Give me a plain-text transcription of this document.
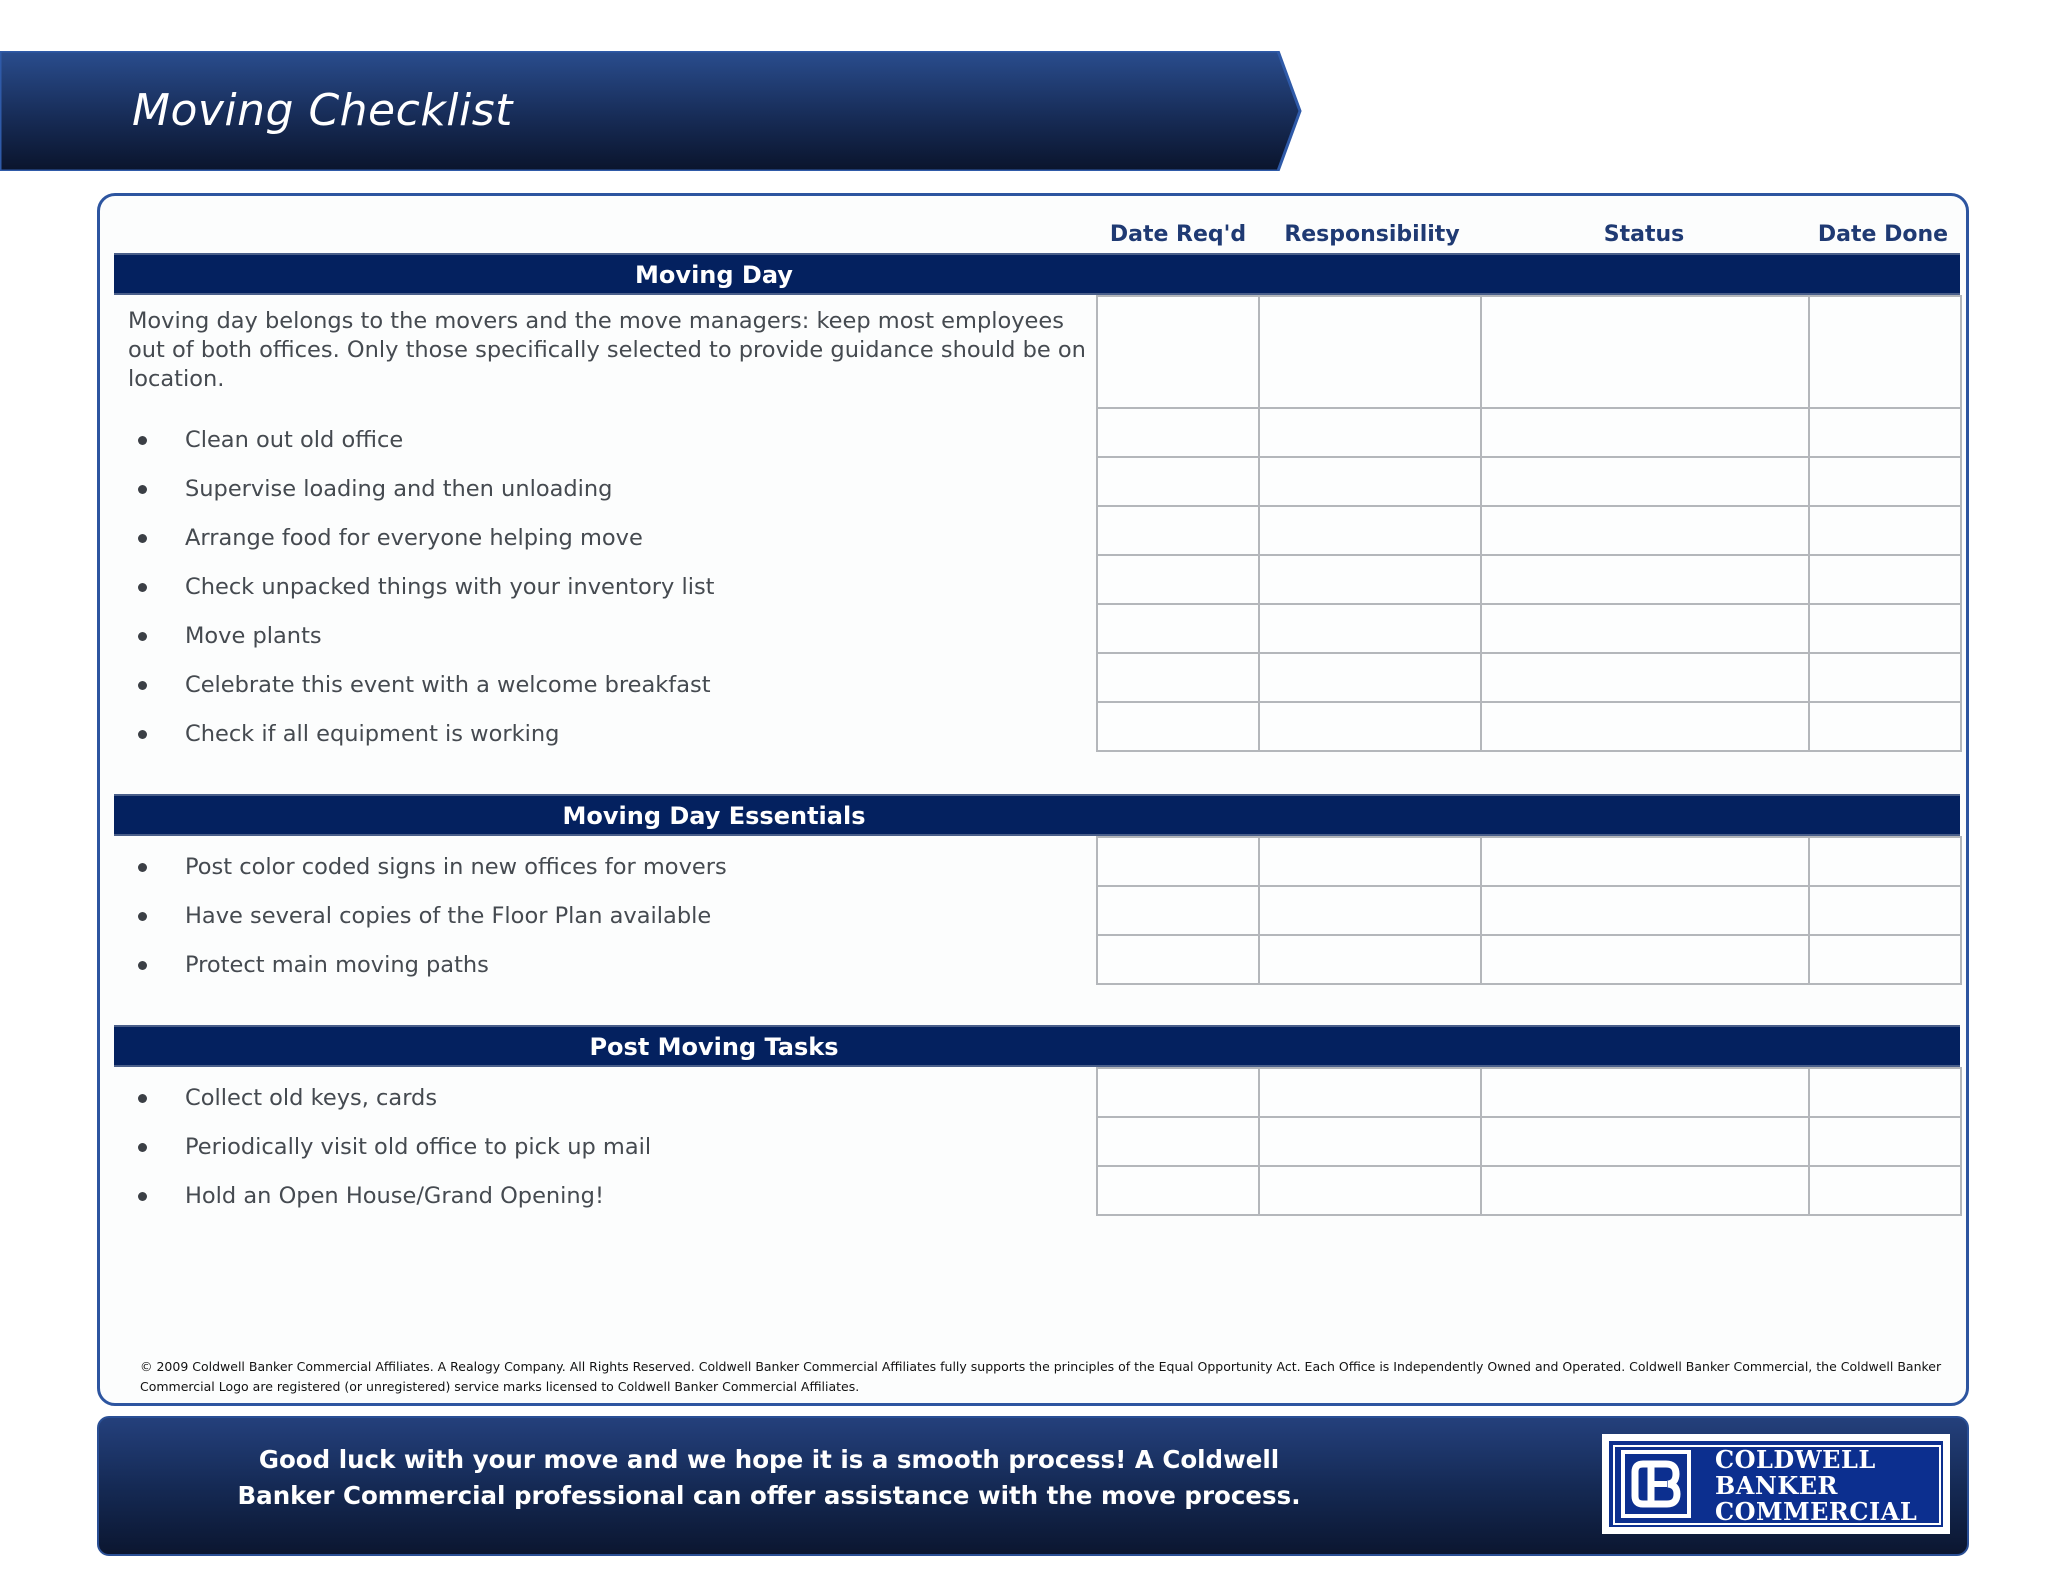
Moving Checklist
Date Req'd	Responsibility	Status	Date Done
Moving Day

Moving day belongs to the movers and the move managers: keep most employees out of both offices. Only those specifically selected to provide guidance should be on location.

Clean out old office
Supervise loading and then unloading
Arrange food for everyone helping move
Check unpacked things with your inventory list
Move plants
Celebrate this event with a welcome breakfast
Check if all equipment is working
Moving Day Essentials

Post color coded signs in new offices for movers
Have several copies of the Floor Plan available
Protect main moving paths
Post Moving Tasks

Collect old keys, cards
Periodically visit old office to pick up mail
Hold an Open House/Grand Opening!

© 2009 Coldwell Banker Commercial Affiliates. A Realogy Company. All Rights Reserved. Coldwell Banker Commercial Affiliates fully supports the principles of the Equal Opportunity Act. Each Office is Independently Owned and Operated. Coldwell Banker Commercial, the Coldwell Banker Commercial Logo are registered (or unregistered) service marks licensed to Coldwell Banker Commercial Affiliates.

Good luck with your move and we hope it is a smooth process! A Coldwell Banker Commercial professional can offer assistance with the move process.

COLDWELL
BANKER
COMMERCIAL
